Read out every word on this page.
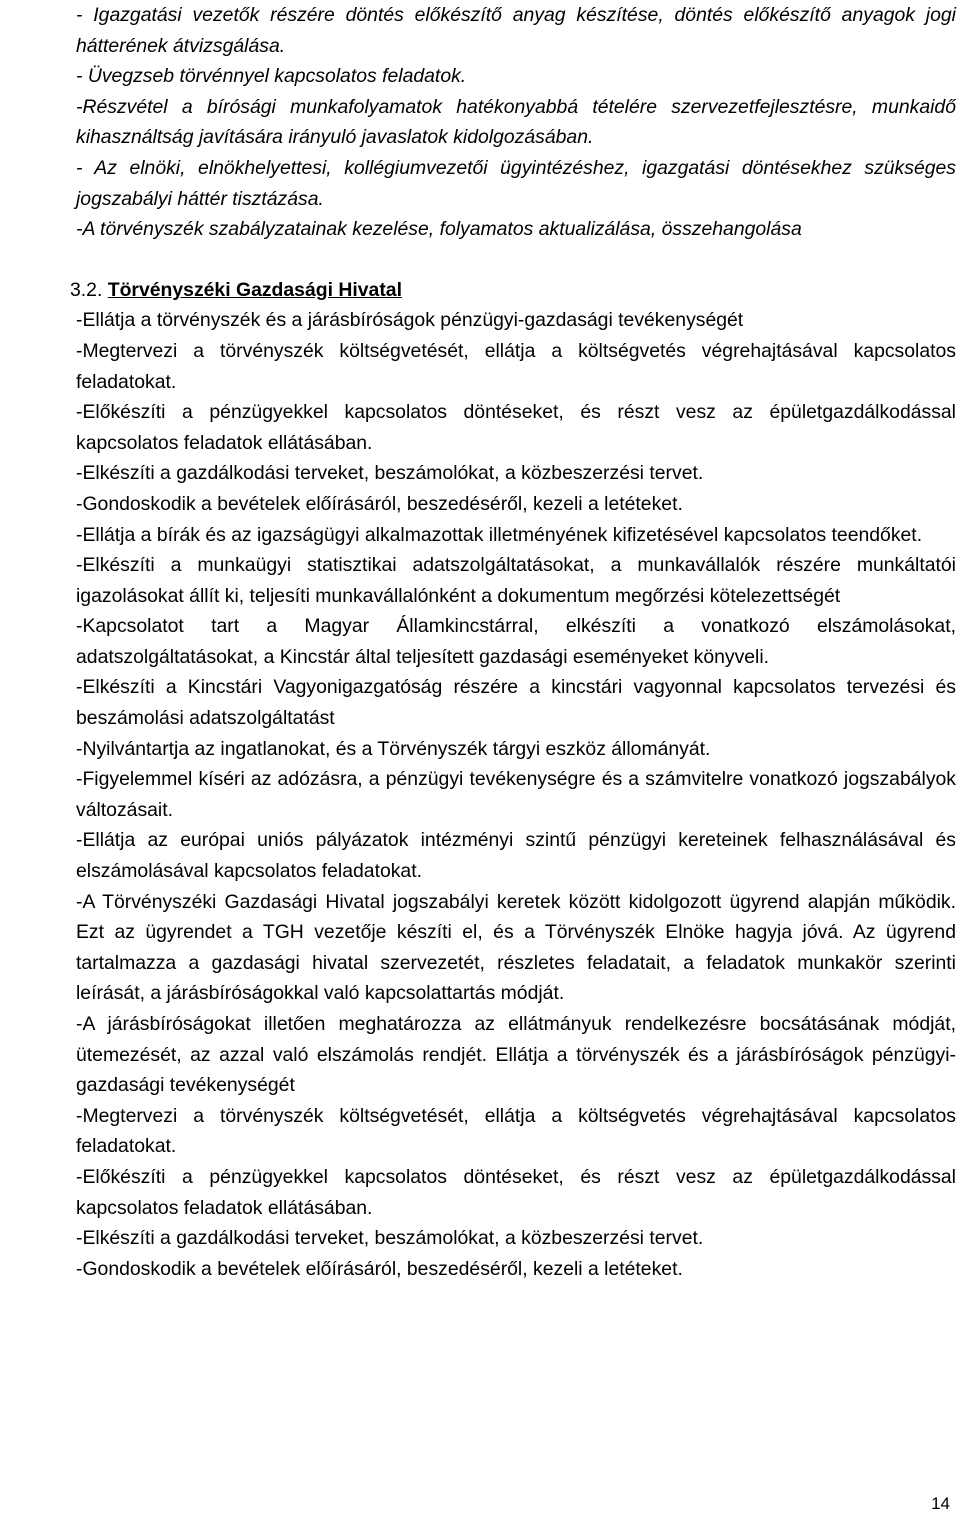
- Igazgatási vezetők részére döntés előkészítő anyag készítése, döntés előkészítő anyagok jogi hátterének átvizsgálása.

- Üvegzseb törvénnyel kapcsolatos feladatok.

-Részvétel a bírósági munkafolyamatok hatékonyabbá tételére szervezetfejlesztésre, munkaidő kihasználtság javítására irányuló javaslatok kidolgozásában.

- Az elnöki, elnökhelyettesi, kollégiumvezetői ügyintézéshez, igazgatási döntésekhez szükséges jogszabályi háttér tisztázása.

-A törvényszék szabályzatainak kezelése, folyamatos aktualizálása, összehangolása

3.2. Törvényszéki Gazdasági Hivatal

-Ellátja a törvényszék és a járásbíróságok pénzügyi-gazdasági tevékenységét

-Megtervezi a törvényszék költségvetését, ellátja a költségvetés végrehajtásával kapcsolatos feladatokat.

-Előkészíti a pénzügyekkel kapcsolatos döntéseket, és részt vesz az épületgazdálkodással kapcsolatos feladatok ellátásában.

-Elkészíti a gazdálkodási terveket, beszámolókat, a közbeszerzési tervet.

-Gondoskodik a bevételek előírásáról, beszedéséről, kezeli a letéteket.

-Ellátja a bírák és az igazságügyi alkalmazottak illetményének kifizetésével kapcsolatos teendőket.

-Elkészíti a munkaügyi statisztikai adatszolgáltatásokat, a munkavállalók részére munkáltatói igazolásokat állít ki, teljesíti munkavállalónként a dokumentum megőrzési kötelezettségét

-Kapcsolatot tart a Magyar Államkincstárral, elkészíti a vonatkozó elszámolásokat, adatszolgáltatásokat, a Kincstár által teljesített gazdasági eseményeket könyveli.

-Elkészíti a Kincstári Vagyonigazgatóság részére a kincstári vagyonnal kapcsolatos tervezési és beszámolási adatszolgáltatást

-Nyilvántartja az ingatlanokat, és a Törvényszék tárgyi eszköz állományát.

-Figyelemmel kíséri az adózásra, a pénzügyi tevékenységre és a számvitelre vonatkozó jogszabályok változásait.

-Ellátja az európai uniós pályázatok intézményi szintű pénzügyi kereteinek felhasználásával és elszámolásával kapcsolatos feladatokat.

-A Törvényszéki Gazdasági Hivatal jogszabályi keretek között kidolgozott ügyrend alapján működik. Ezt az ügyrendet a TGH vezetője készíti el, és a Törvényszék Elnöke hagyja jóvá. Az ügyrend tartalmazza a gazdasági hivatal szervezetét, részletes feladatait, a feladatok munkakör szerinti leírását, a járásbíróságokkal való kapcsolattartás módját.

-A járásbíróságokat illetően meghatározza az ellátmányuk rendelkezésre bocsátásának módját, ütemezését, az azzal való elszámolás rendjét. Ellátja a törvényszék és a járásbíróságok pénzügyi-gazdasági tevékenységét

-Megtervezi a törvényszék költségvetését, ellátja a költségvetés végrehajtásával kapcsolatos feladatokat.

-Előkészíti a pénzügyekkel kapcsolatos döntéseket, és részt vesz az épületgazdálkodással kapcsolatos feladatok ellátásában.

-Elkészíti a gazdálkodási terveket, beszámolókat, a közbeszerzési tervet.

-Gondoskodik a bevételek előírásáról, beszedéséről, kezeli a letéteket.

14
